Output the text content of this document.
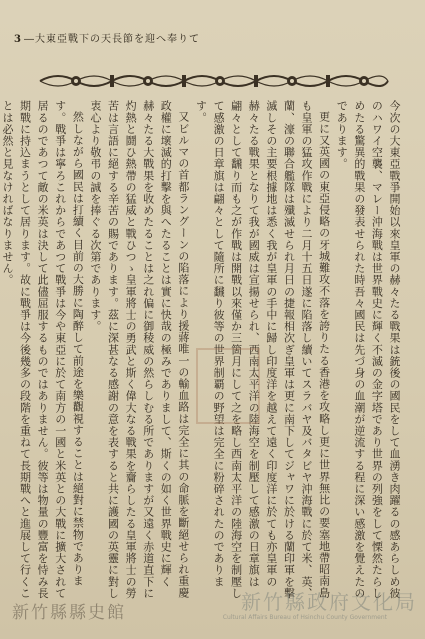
3 ―大東亞戰下の天長節を迎へ奉りて

今次の大東亞戰爭開始以來皇軍の赫々たる戰果は銃後の國民をして血湧き肉躍るの感あらしめ彼のハワイ空襲、マレー沖海戰は世界戰史に輝く不滅の金字塔であり世界の列強をして慄然たらしめたる驚異的戰果の發表せられた時吾々國民は先づ身の血潮が逆流する程に深い感激を覺えたのであります。

更に又英國の東亞侵略の牙城難攻不落を誇りたる香港を攻略し更に世界無比の要塞地帶昭南島も皇軍の猛攻作戰により二月十五日遂に陷落し續いてスラバヤ及バタビヤ沖海戰に於て米、英、蘭、濠の聯合艦隊は殲滅せられ月日の捷報相次ぎ皇軍は更に南下してジャワに於ける蘭印軍を擊滅しその主要根據地は悉く我が皇軍の手中に歸し印度洋を越えて遠く印度洋に於ても亦皇軍の赫々たる戰果となりて我が國威は宣揚せられ、西南太平洋の陸海空を制壓して感激の日章旗は翩々として飜り而も之が作戰は開戰以來僅か三箇月にして之を略し西南太平洋の陸海空を制壓して感激の日章旗は翩々として隨所に飜り彼等の世界制覇の野望は完全に粉碎されたのであります。

又ビルマの首都ラングーンの陷落により援蔣唯一の輸血路は完全に其の命脈を斷絕せられ重慶政權に壞滅的打擊を與へたることは實に快哉の極みでありまして、斯くの如く世界戰史に輝く赫々たる大戰果を收めたることは之れ偏に御稜威の然らしむる所でありますが又遠く赤道直下に灼熱と鬪ひ熱帶の猛威と戰ひつゝ皇軍將士の勇武と斯く偉大なる戰果を齎らしたる皇軍將士の勞苦は言語に絕する辛苦の賜であります。茲に深甚なる感謝の意を表すると共に護國の英靈に對し衷心より敬弔の誠を捧ぐる次第であります。

然しながら國民は打續く目前の大勝に陶醉して前途を樂觀視することは絕對に禁物であります。戰爭は寧ろこれからであつて戰爭は今や東亞に於て南方の一國と米英との大戰に擴大されて居るのであつて敵の米英は決して此儘屈服するものではありません。彼等は物量の豐富を恃み長期戰に持込まうとして居ります。故に戰爭は今後幾多の段階を重ねて長期戰へと進展して行くことは必然と見なければなりません。

新竹縣縣史館	新竹縣政府文化局
Cultural Affairs Bureau of Hsinchu County Government
